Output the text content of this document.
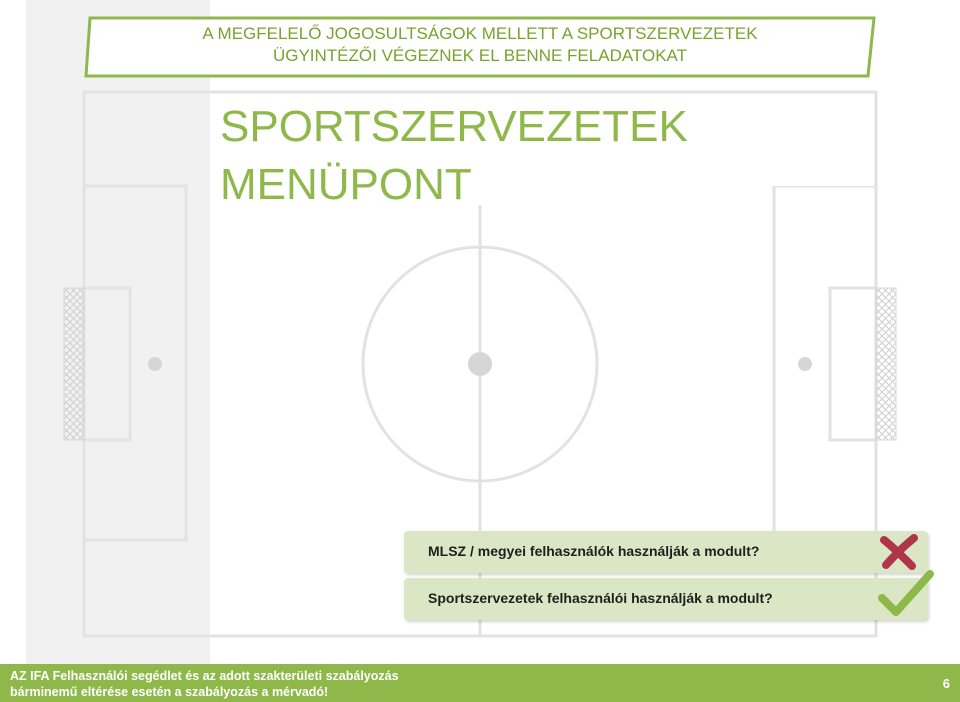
A MEGFELELŐ JOGOSULTSÁGOK MELLETT A SPORTSZERVEZETEK
ÜGYINTÉZŐI VÉGEZNEK EL BENNE FELADATOKAT
SPORTSZERVEZETEK
MENÜPONT
MLSZ / megyei felhasználók használják a modult?
Sportszervezetek felhasználói használják a modult?
AZ IFA Felhasználói segédlet és az adott szakterületi szabályozás
bárminemű eltérése esetén a szabályozás a mérvadó!
6
